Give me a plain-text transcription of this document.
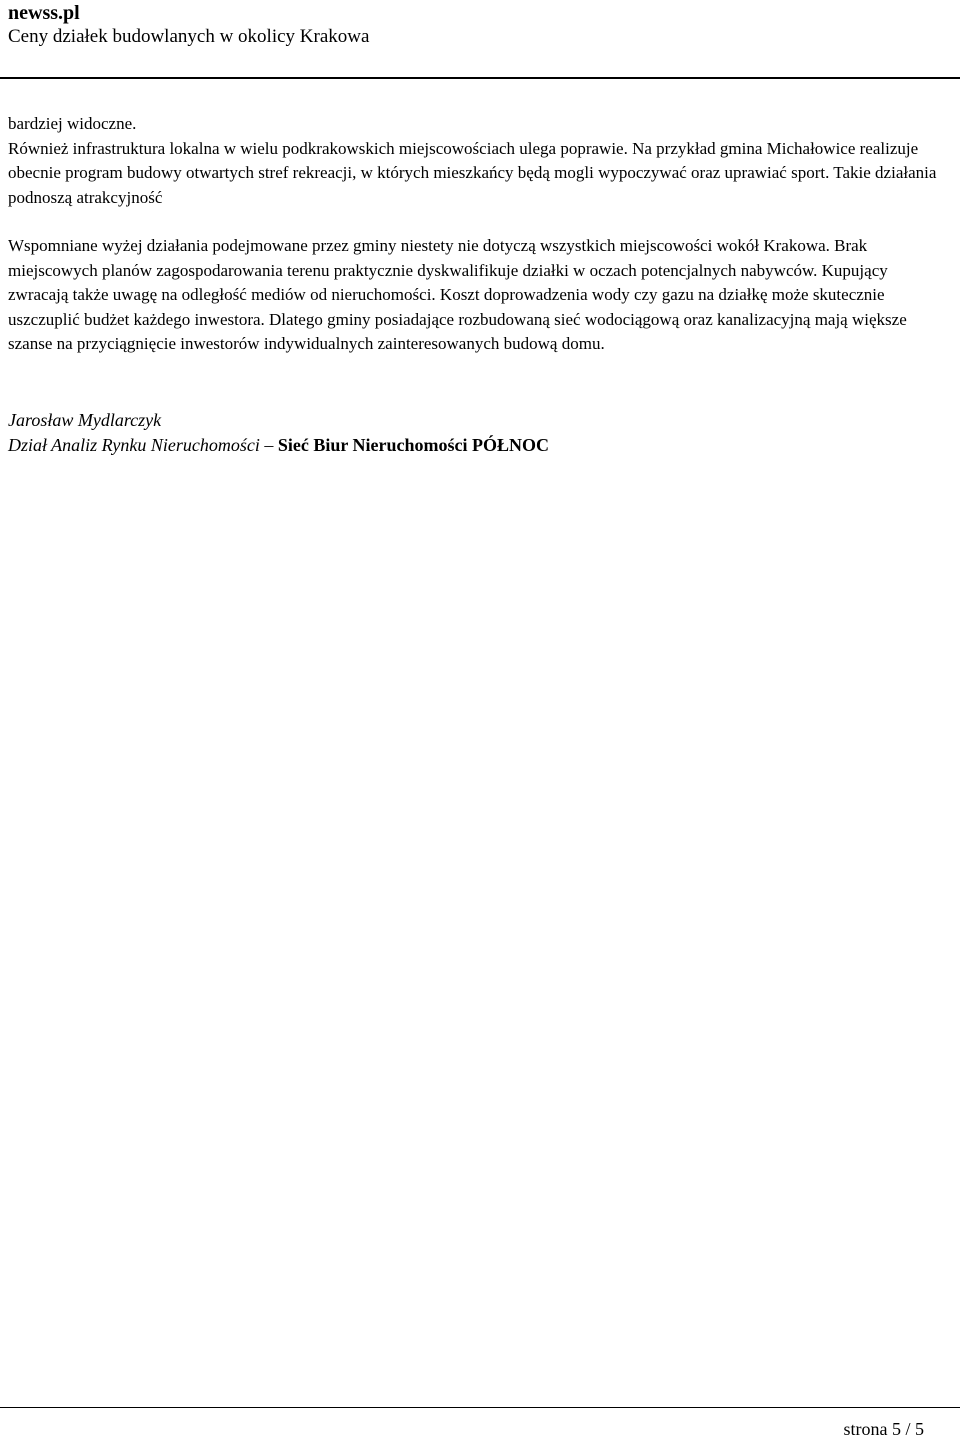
newss.pl

Ceny działek budowlanych w okolicy Krakowa

bardziej widoczne.

Również infrastruktura lokalna w wielu podkrakowskich miejscowościach ulega poprawie. Na przykład gmina Michałowice realizuje obecnie program budowy otwartych stref rekreacji, w których mieszkańcy będą mogli wypoczywać oraz uprawiać sport. Takie działania podnoszą atrakcyjność

Wspomniane wyżej działania podejmowane przez gminy niestety nie dotyczą wszystkich miejscowości wokół Krakowa. Brak miejscowych planów zagospodarowania terenu praktycznie dyskwalifikuje działki w oczach potencjalnych nabywców. Kupujący zwracają także uwagę na odległość mediów od nieruchomości. Koszt doprowadzenia wody czy gazu na działkę może skutecznie uszczuplić budżet każdego inwestora. Dlatego gminy posiadające rozbudowaną sieć wodociągową oraz kanalizacyjną mają większe szanse na przyciągnięcie inwestorów indywidualnych zainteresowanych budową domu.

Jarosław Mydlarczyk

Dział Analiz Rynku Nieruchomości – Sieć Biur Nieruchomości PÓŁNOC

strona 5 / 5
